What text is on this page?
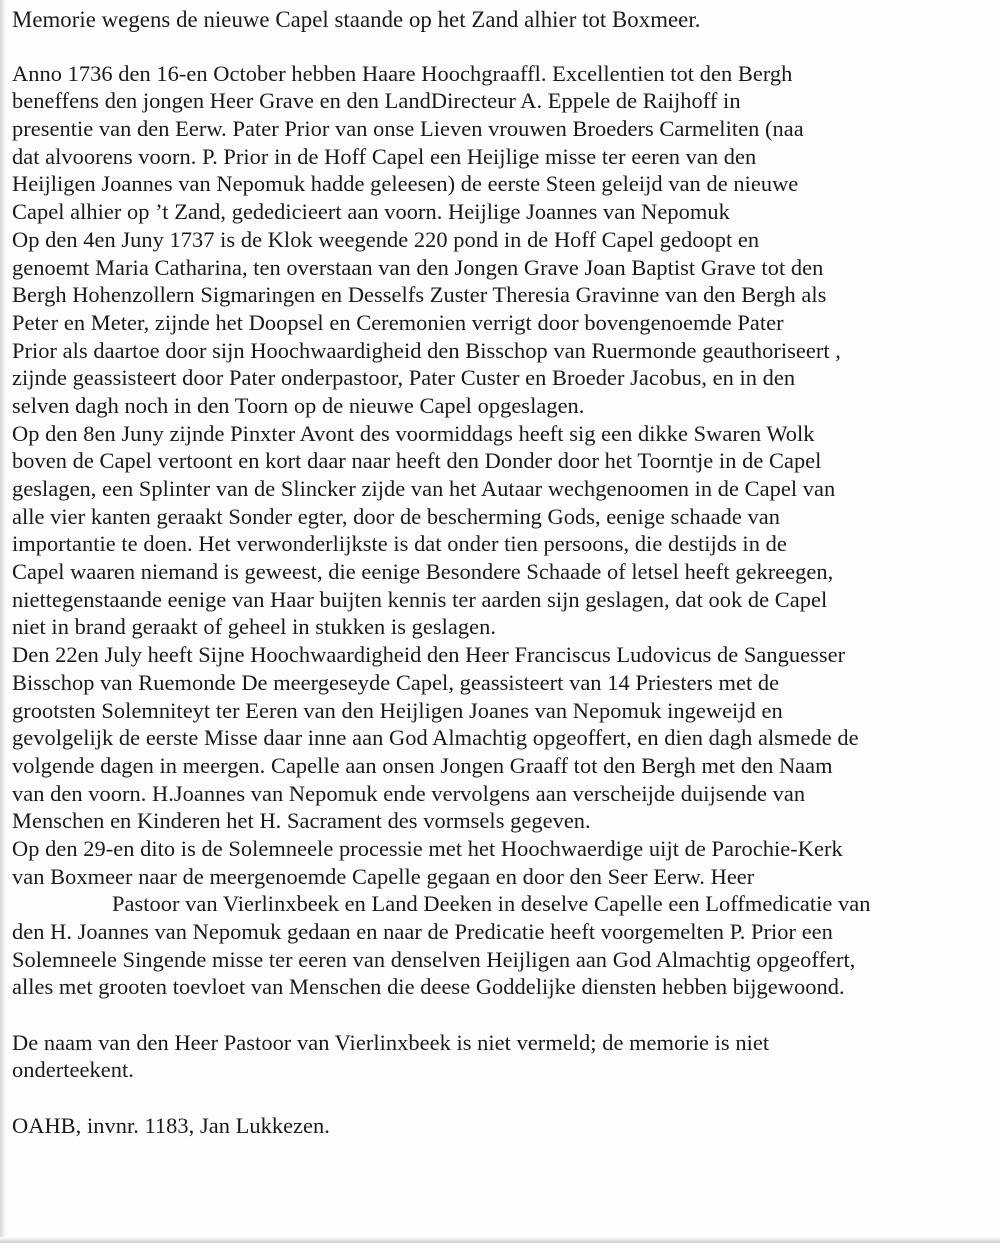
Memorie wegens de nieuwe Capel staande op het Zand alhier tot Boxmeer.
Anno 1736 den 16-en October hebben Haare Hoochgraaffl. Excellentien tot den Bergh
beneffens den jongen Heer Grave en den LandDirecteur A. Eppele de Raijhoff in
presentie van den Eerw. Pater Prior van onse Lieven vrouwen Broeders Carmeliten (naa
dat alvoorens voorn. P. Prior in de Hoff Capel een Heijlige misse ter eeren van den
Heijligen Joannes van Nepomuk hadde geleesen) de eerste Steen geleijd van de nieuwe
Capel alhier op ’t Zand, gededicieert aan voorn. Heijlige Joannes van Nepomuk
Op den 4en Juny 1737 is de Klok weegende 220 pond in de Hoff Capel gedoopt en
genoemt Maria Catharina, ten overstaan van den Jongen Grave Joan Baptist Grave tot den
Bergh Hohenzollern Sigmaringen en Desselfs Zuster Theresia Gravinne van den Bergh als
Peter en Meter, zijnde het Doopsel en Ceremonien verrigt door bovengenoemde Pater
Prior als daartoe door sijn Hoochwaardigheid den Bisschop van Ruermonde geauthoriseert ,
zijnde geassisteert door Pater onderpastoor, Pater Custer en Broeder Jacobus, en in den
selven dagh noch in den Toorn op de nieuwe Capel opgeslagen.
Op den 8en Juny zijnde Pinxter Avont des voormiddags heeft sig een dikke Swaren Wolk
boven de Capel vertoont en kort daar naar heeft den Donder door het Toorntje in de Capel
geslagen, een Splinter van de Slincker zijde van het Autaar wechgenoomen in de Capel van
alle vier kanten geraakt Sonder egter, door de bescherming Gods, eenige schaade van
importantie te doen. Het verwonderlijkste is dat onder tien persoons, die destijds in de
Capel waaren niemand is geweest, die eenige Besondere Schaade of letsel heeft gekreegen,
niettegenstaande eenige van Haar buijten kennis ter aarden sijn geslagen, dat ook de Capel
niet in brand geraakt of geheel in stukken is geslagen.
Den 22en July heeft Sijne Hoochwaardigheid den Heer Franciscus Ludovicus de Sanguesser
Bisschop van Ruemonde De meergeseyde Capel, geassisteert van 14 Priesters met de
grootsten Solemniteyt ter Eeren van den Heijligen Joanes van Nepomuk ingeweijd en
gevolgelijk de eerste Misse daar inne aan God Almachtig opgeoffert, en dien dagh alsmede de
volgende dagen in meergen. Capelle aan onsen Jongen Graaff tot den Bergh met den Naam
van den voorn. H.Joannes van Nepomuk ende vervolgens aan verscheijde duijsende van
Menschen en Kinderen het H. Sacrament des vormsels gegeven.
Op den 29-en dito is de Solemneele processie met het Hoochwaerdige uijt de Parochie-Kerk
van Boxmeer naar de meergenoemde Capelle gegaan en door den Seer Eerw. Heer
Pastoor van Vierlinxbeek en Land Deeken in deselve Capelle een Loffmedicatie van
den H. Joannes van Nepomuk gedaan en naar de Predicatie heeft voorgemelten P. Prior een
Solemneele Singende misse ter eeren van denselven Heijligen aan God Almachtig opgeoffert,
alles met grooten toevloet van Menschen die deese Goddelijke diensten hebben bijgewoond.
De naam van den Heer Pastoor van Vierlinxbeek is niet vermeld; de memorie is niet
onderteekent.
OAHB, invnr. 1183, Jan Lukkezen.
